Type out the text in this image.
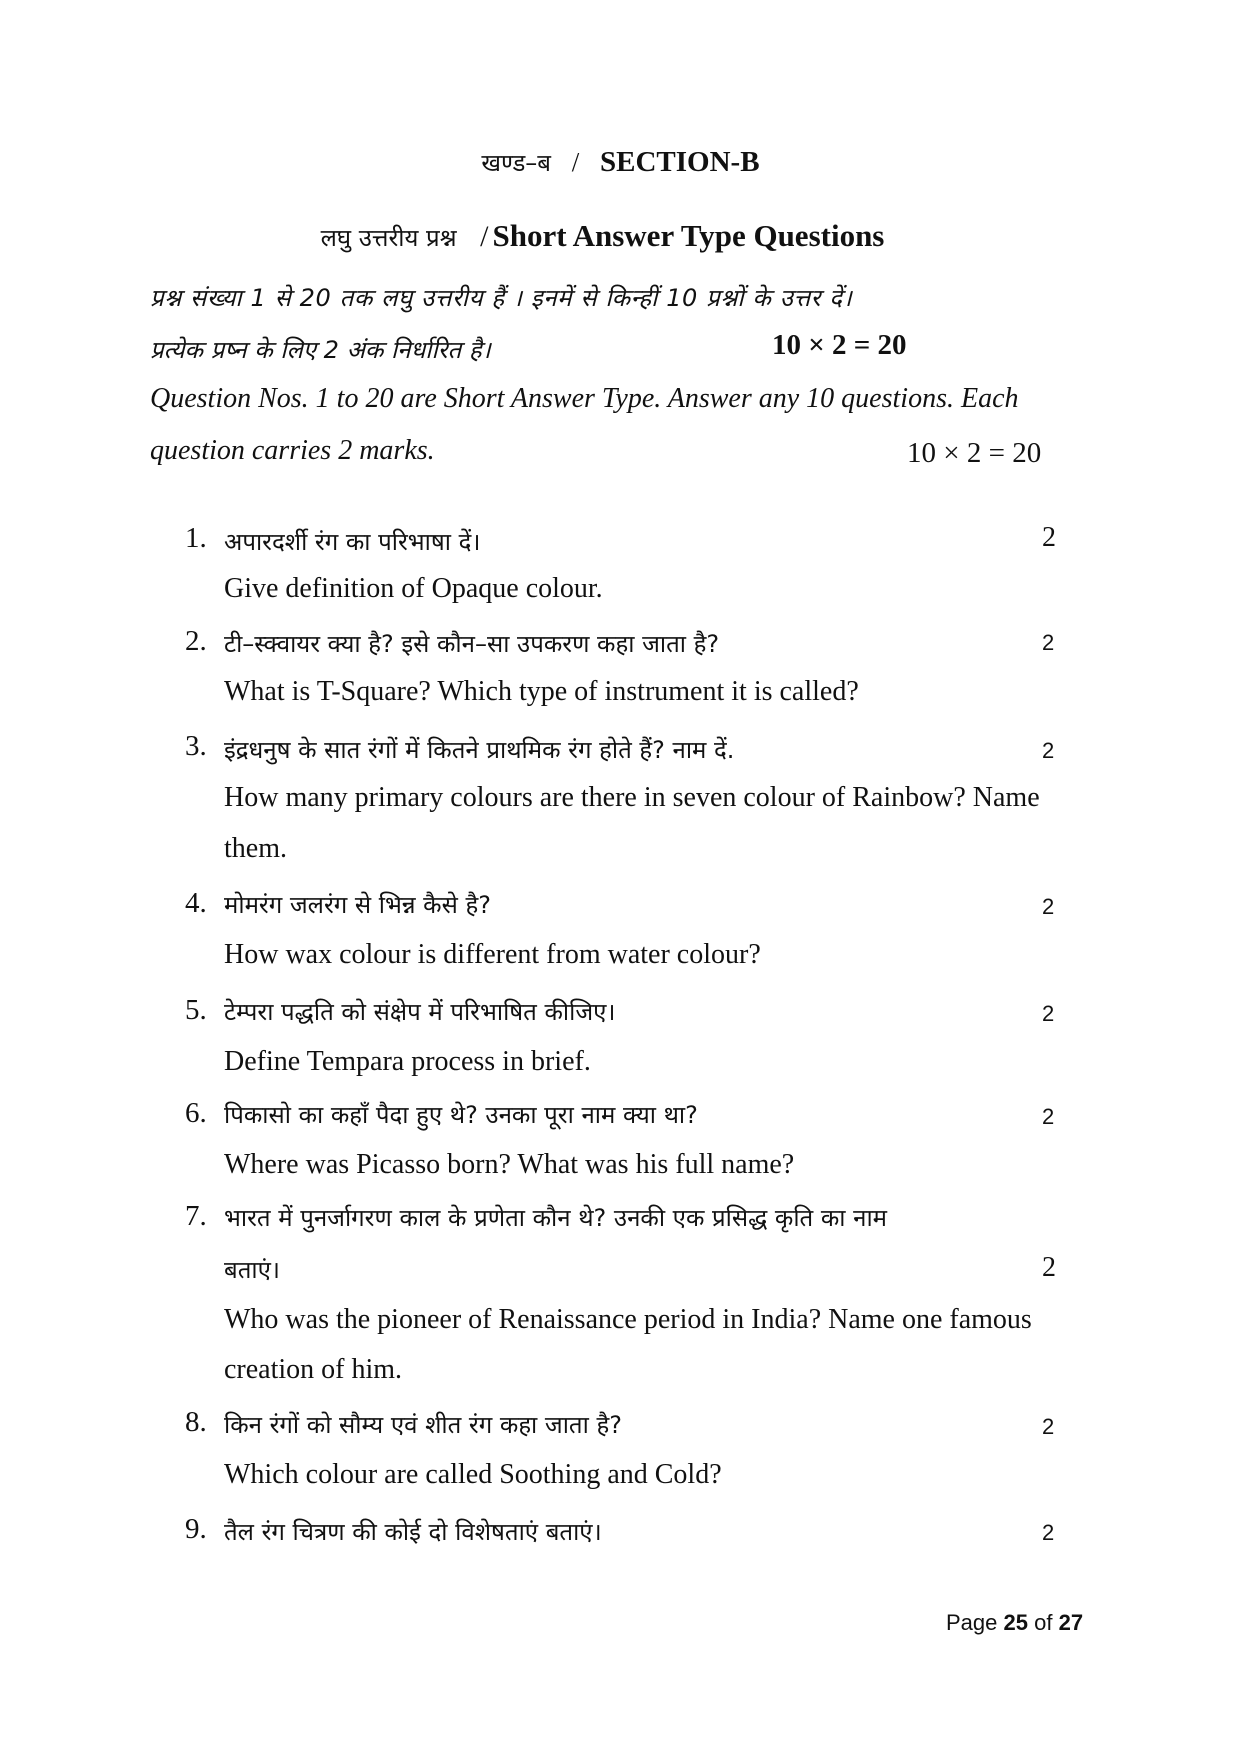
खण्ड–ब / SECTION-B
लघु उत्तरीय प्रश्न / Short Answer Type Questions
प्रश्न संख्या 1 से 20 तक लघु उत्तरीय हैं । इनमें से किन्हीं 10 प्रश्नों के उत्तर दें।
प्रत्येक प्रष्न के लिए 2 अंक निर्धारित है।	10 × 2 = 20
Question Nos. 1 to 20 are Short Answer Type. Answer any 10 questions. Each
question carries 2 marks.	10 × 2 = 20
1. अपारदर्शी रंग का परिभाषा दें।	2
Give definition of Opaque colour.
2. टी–स्क्वायर क्या है? इसे कौन–सा उपकरण कहा जाता है?	2
What is T-Square? Which type of instrument it is called?
3. इंद्रधनुष के सात रंगों में कितने प्राथमिक रंग होते हैं? नाम दें.	2
How many primary colours are there in seven colour of Rainbow? Name
them.
4. मोमरंग जलरंग से भिन्न कैसे है?	2
How wax colour is different from water colour?
5. टेम्परा पद्धति को संक्षेप में परिभाषित कीजिए।	2
Define Tempara process in brief.
6. पिकासो का कहाँ पैदा हुए थे? उनका पूरा नाम क्या था?	2
Where was Picasso born? What was his full name?
7. भारत में पुनर्जागरण काल के प्रणेता कौन थे? उनकी एक प्रसिद्ध कृति का नाम
बताएं।	2
Who was the pioneer of Renaissance period in India? Name one famous
creation of him.
8. किन रंगों को सौम्य एवं शीत रंग कहा जाता है?	2
Which colour are called Soothing and Cold?
9. तैल रंग चित्रण की कोई दो विशेषताएं बताएं।	2
Page 25 of 27
